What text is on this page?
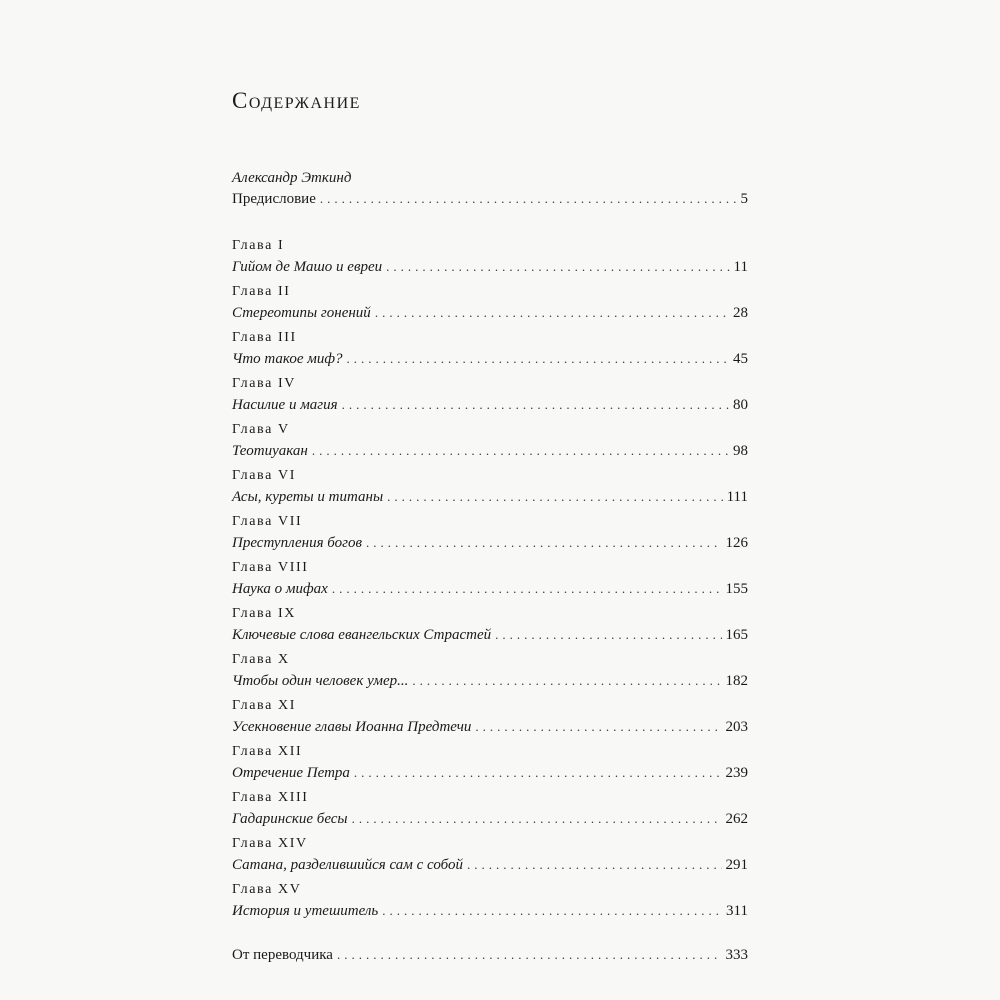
Содержание
Александр Эткинд
Предисловие .....	5
Глава I
Гийом де Машо и евреи .....	11
Глава II
Стереотипы гонений .....	28
Глава III
Что такое миф? .....	45
Глава IV
Насилие и магия .....	80
Глава V
Теотиуакан .....	98
Глава VI
Асы, куреты и титаны .....	111
Глава VII
Преступления богов .....	126
Глава VIII
Наука о мифах .....	155
Глава IX
Ключевые слова евангельских Страстей .....	165
Глава X
Чтобы один человек умер... .....	182
Глава XI
Усекновение главы Иоанна Предтечи .....	203
Глава XII
Отречение Петра .....	239
Глава XIII
Гадаринские бесы .....	262
Глава XIV
Сатана, разделившийся сам с собой .....	291
Глава XV
История и утешитель .....	311
От переводчика .....	333
